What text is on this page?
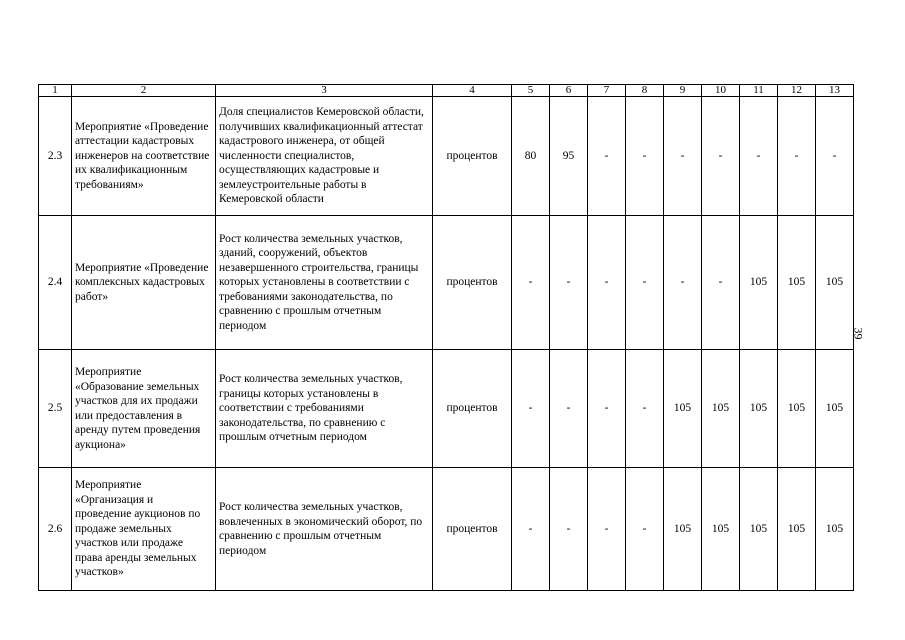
1	2	3	4	5	6	7	8	9	10	11	12	13
2.3	Мероприятие «Проведение аттестации кадастровых инженеров на соответствие их квалификационным требованиям»	Доля специалистов Кемеровской области, получивших квалификационный аттестат кадастрового инженера, от общей численности специалистов, осуществляющих кадастровые и землеустроительные работы в Кемеровской области	процентов	80	95	-	-	-	-	-	-	-
2.4	Мероприятие «Проведение комплексных кадастровых работ»	Рост количества земельных участков, зданий, сооружений, объектов незавершенного строительства, границы которых установлены в соответствии с требованиями законодательства, по сравнению с прошлым отчетным периодом	процентов	-	-	-	-	-	-	105	105	105
2.5	Мероприятие «Образование земельных участков для их продажи или предоставления в аренду путем проведения аукциона»	Рост количества земельных участков, границы которых установлены в соответствии с требованиями законодательства, по сравнению с прошлым отчетным периодом	процентов	-	-	-	-	105	105	105	105	105
2.6	Мероприятие «Организация и проведение аукционов по продаже земельных участков или продаже права аренды земельных участков»	Рост количества земельных участков, вовлеченных в экономический оборот, по сравнению с прошлым отчетным периодом	процентов	-	-	-	-	105	105	105	105	105
39
